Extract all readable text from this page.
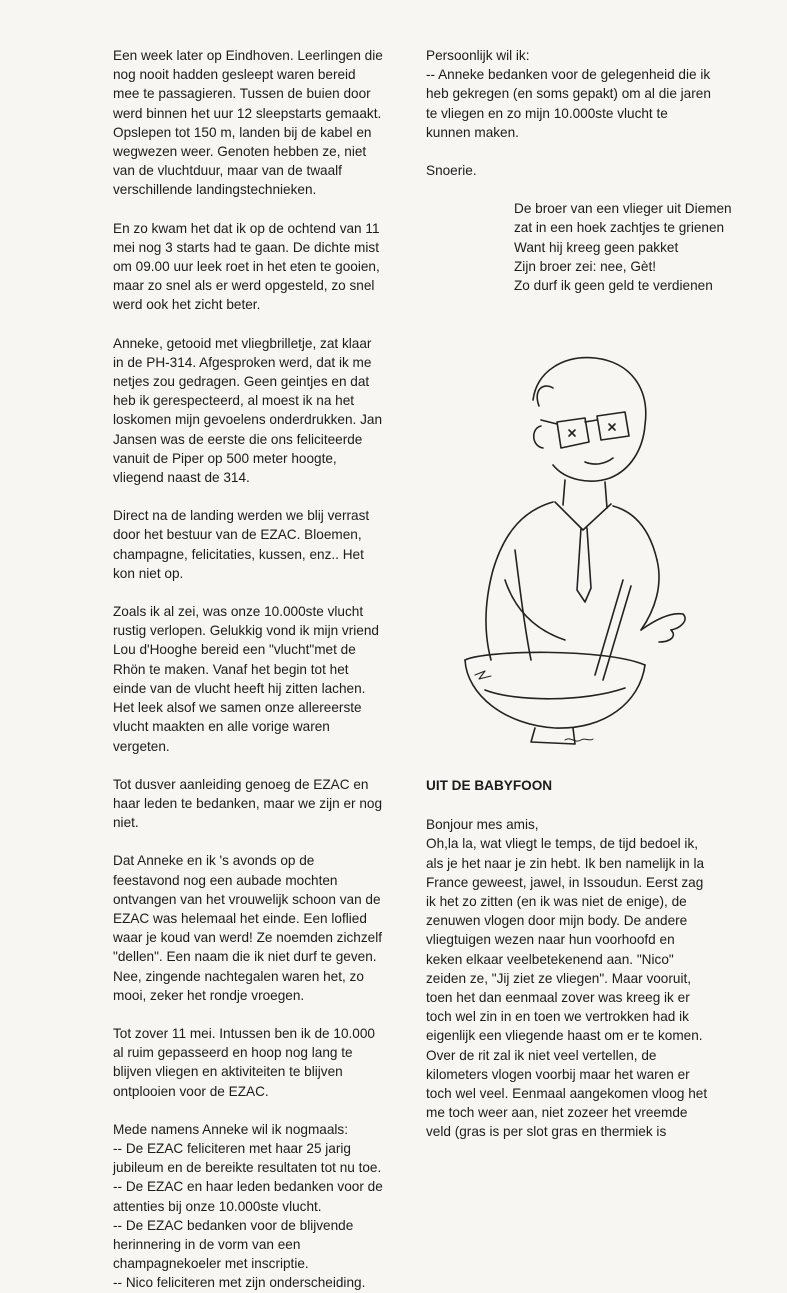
Een week later op Eindhoven. Leerlingen die nog nooit hadden gesleept waren bereid mee te passagieren. Tussen de buien door werd binnen het uur 12 sleepstarts gemaakt. Opslepen tot 150 m, landen bij de kabel en wegwezen weer. Genoten hebben ze, niet van de vluchtduur, maar van de twaalf verschillende landingstechnieken.

En zo kwam het dat ik op de ochtend van 11 mei nog 3 starts had te gaan. De dichte mist om 09.00 uur leek roet in het eten te gooien, maar zo snel als er werd opgesteld, zo snel werd ook het zicht beter.

Anneke, getooid met vliegbrilletje, zat klaar in de PH-314. Afgesproken werd, dat ik me netjes zou gedragen. Geen geintjes en dat heb ik gerespecteerd, al moest ik na het loskomen mijn gevoelens onderdrukken. Jan Jansen was de eerste die ons feliciteerde vanuit de Piper op 500 meter hoogte, vliegend naast de 314.

Direct na de landing werden we blij verrast door het bestuur van de EZAC. Bloemen, champagne, felicitaties, kussen, enz.. Het kon niet op.

Zoals ik al zei, was onze 10.000ste vlucht rustig verlopen. Gelukkig vond ik mijn vriend Lou d'Hooghe bereid een "vlucht"met de Rhön te maken. Vanaf het begin tot het einde van de vlucht heeft hij zitten lachen. Het leek alsof we samen onze allereerste vlucht maakten en alle vorige waren vergeten.

Tot dusver aanleiding genoeg de EZAC en haar leden te bedanken, maar we zijn er nog niet.

Dat Anneke en ik 's avonds op de feestavond nog een aubade mochten ontvangen van het vrouwelijk schoon van de EZAC was helemaal het einde. Een loflied waar je koud van werd! Ze noemden zichzelf "dellen". Een naam die ik niet durf te geven. Nee, zingende nachtegalen waren het, zo mooi, zeker het rondje vroegen.

Tot zover 11 mei. Intussen ben ik de 10.000 al ruim gepasseerd en hoop nog lang te blijven vliegen en aktiviteiten te blijven ontplooien voor de EZAC.

Mede namens Anneke wil ik nogmaals:

-- De EZAC feliciteren met haar 25 jarig jubileum en de bereikte resultaten tot nu toe.
-- De EZAC en haar leden bedanken voor de attenties bij onze 10.000ste vlucht.
-- De EZAC bedanken voor de blijvende herinnering in de vorm van een champagnekoeler met inscriptie.
-- Nico feliciteren met zijn onderscheiding.

Persoonlijk wil ik:

-- Anneke bedanken voor de gelegenheid die ik heb gekregen (en soms gepakt) om al die jaren te vliegen en zo mijn 10.000ste vlucht te kunnen maken.

Snoerie.

De broer van een vlieger uit Diemen
zat in een hoek zachtjes te grienen
Want hij kreeg geen pakket
Zijn broer zei: nee, Gèt!
Zo durf ik geen geld te verdienen
UIT DE BABYFOON
Bonjour mes amis,
Oh,la la, wat vliegt le temps, de tijd bedoel ik, als je het naar je zin hebt. Ik ben namelijk in la France geweest, jawel, in Issoudun. Eerst zag ik het zo zitten (en ik was niet de enige), de zenuwen vlogen door mijn body. De andere vliegtuigen wezen naar hun voorhoofd en keken elkaar veelbetekenend aan. "Nico" zeiden ze, "Jij ziet ze vliegen". Maar vooruit, toen het dan eenmaal zover was kreeg ik er toch wel zin in en toen we vertrokken had ik eigenlijk een vliegende haast om er te komen. Over de rit zal ik niet veel vertellen, de kilometers vlogen voorbij maar het waren er toch wel veel. Eenmaal aangekomen vloog het me toch weer aan, niet zozeer het vreemde veld (gras is per slot gras en thermiek is
